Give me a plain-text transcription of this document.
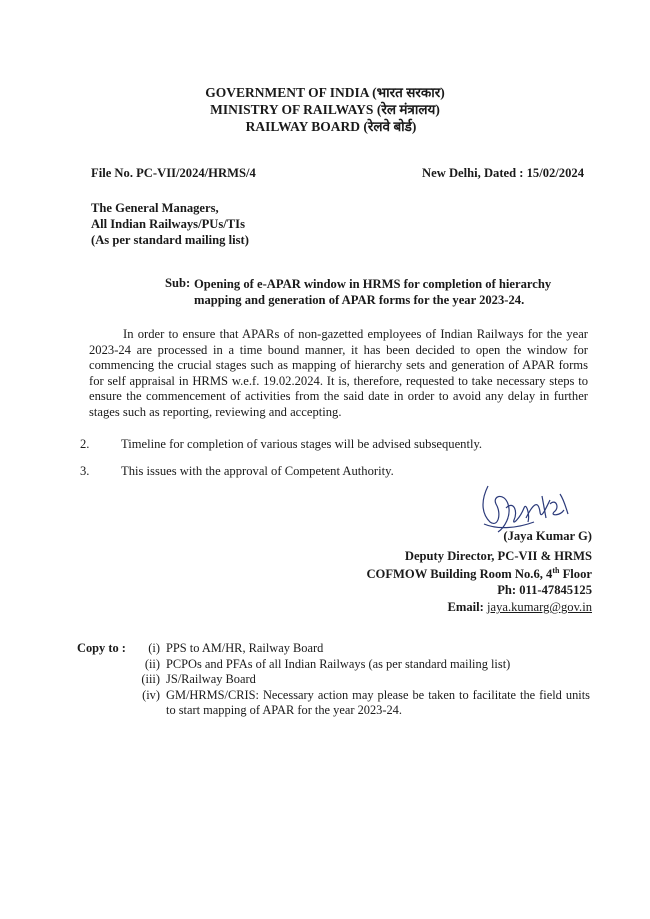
GOVERNMENT OF INDIA (भारत सरकार)
MINISTRY OF RAILWAYS (रेल मंत्रालय)
RAILWAY BOARD (रेलवे बोर्ड)
File No. PC-VII/2024/HRMS/4	New Delhi, Dated : 15/02/2024
The General Managers,
All Indian Railways/PUs/TIs
(As per standard mailing list)
Sub: Opening of e-APAR window in HRMS for completion of hierarchy
mapping and generation of APAR forms for the year 2023-24.
In order to ensure that APARs of non-gazetted employees of Indian Railways for the year 2023-24 are processed in a time bound manner, it has been decided to open the window for commencing the crucial stages such as mapping of hierarchy sets and generation of APAR forms for self appraisal in HRMS w.e.f. 19.02.2024. It is, therefore, requested to take necessary steps to ensure the commencement of activities from the said date in order to avoid any delay in further stages such as reporting, reviewing and accepting.
2.	Timeline for completion of various stages will be advised subsequently.
3.	This issues with the approval of Competent Authority.
(Jaya Kumar G)
Deputy Director, PC-VII & HRMS
COFMOW Building Room No.6, 4th Floor
Ph: 011-47845125
Email: jaya.kumarg@gov.in
Copy to :	(i) PPS to AM/HR, Railway Board
(ii) PCPOs and PFAs of all Indian Railways (as per standard mailing list)
(iii) JS/Railway Board
(iv) GM/HRMS/CRIS: Necessary action may please be taken to facilitate the field units to start mapping of APAR for the year 2023-24.
